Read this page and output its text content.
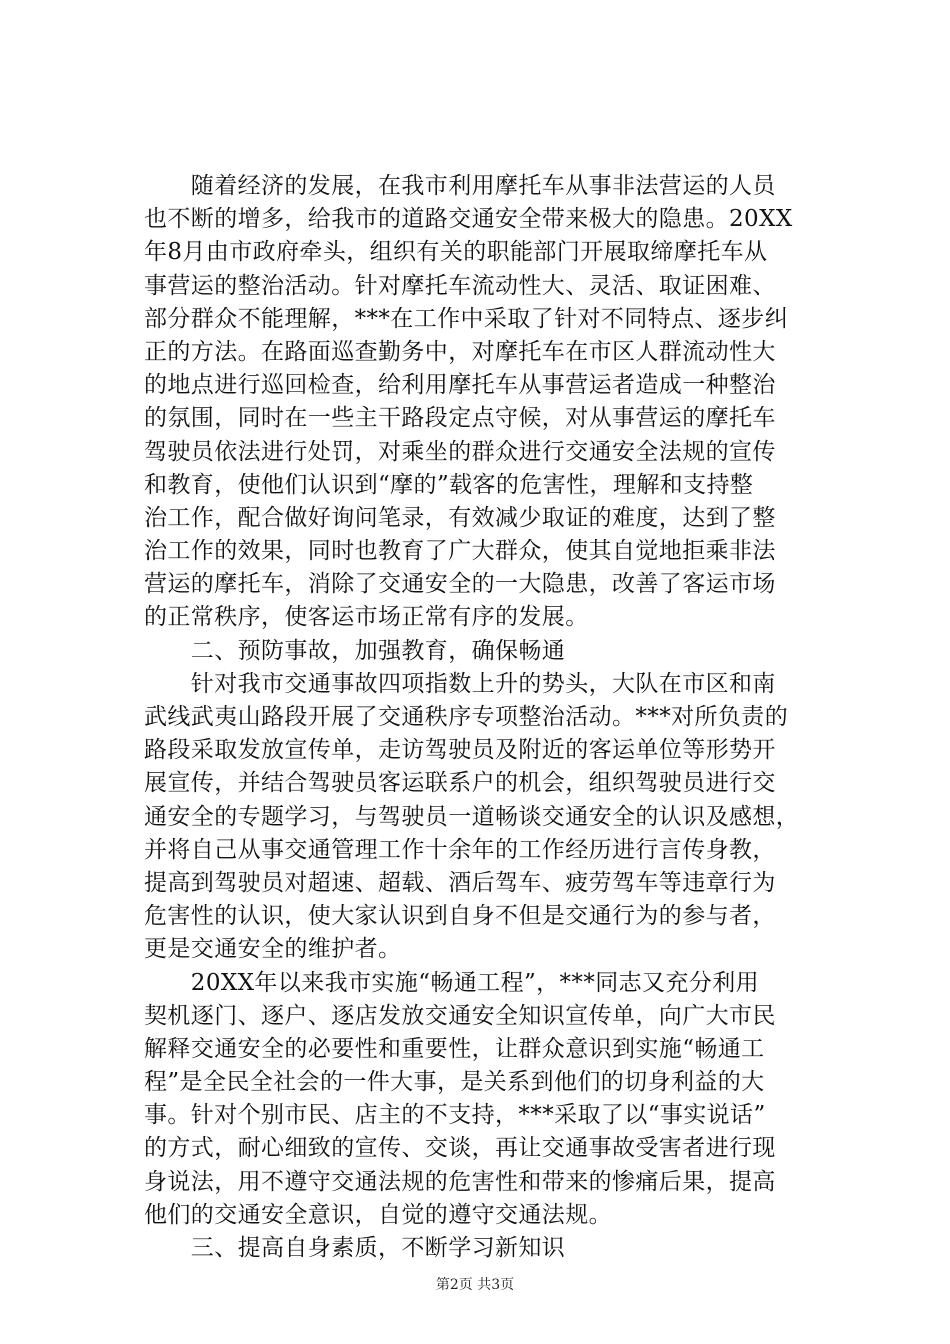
　　随着经济的发展，在我市利用摩托车从事非法营运的人员
也不断的增多，给我市的道路交通安全带来极大的隐患。20XX
年8月由市政府牵头，组织有关的职能部门开展取缔摩托车从
事营运的整治活动。针对摩托车流动性大、灵活、取证困难、
部分群众不能理解，***在工作中采取了针对不同特点、逐步纠
正的方法。在路面巡查勤务中，对摩托车在市区人群流动性大
的地点进行巡回检查，给利用摩托车从事营运者造成一种整治
的氛围，同时在一些主干路段定点守候，对从事营运的摩托车
驾驶员依法进行处罚，对乘坐的群众进行交通安全法规的宣传
和教育，使他们认识到“摩的”载客的危害性，理解和支持整
治工作，配合做好询问笔录，有效减少取证的难度，达到了整
治工作的效果，同时也教育了广大群众，使其自觉地拒乘非法
营运的摩托车，消除了交通安全的一大隐患，改善了客运市场
的正常秩序，使客运市场正常有序的发展。
　　二、预防事故，加强教育，确保畅通
　　针对我市交通事故四项指数上升的势头，大队在市区和南
武线武夷山路段开展了交通秩序专项整治活动。***对所负责的
路段采取发放宣传单，走访驾驶员及附近的客运单位等形势开
展宣传，并结合驾驶员客运联系户的机会，组织驾驶员进行交
通安全的专题学习，与驾驶员一道畅谈交通安全的认识及感想，
并将自己从事交通管理工作十余年的工作经历进行言传身教，
提高到驾驶员对超速、超载、酒后驾车、疲劳驾车等违章行为
危害性的认识，使大家认识到自身不但是交通行为的参与者，
更是交通安全的维护者。
　　20XX年以来我市实施“畅通工程”，***同志又充分利用
契机逐门、逐户、逐店发放交通安全知识宣传单，向广大市民
解释交通安全的必要性和重要性，让群众意识到实施“畅通工
程”是全民全社会的一件大事，是关系到他们的切身利益的大
事。针对个别市民、店主的不支持，***采取了以“事实说话”
的方式，耐心细致的宣传、交谈，再让交通事故受害者进行现
身说法，用不遵守交通法规的危害性和带来的惨痛后果，提高
他们的交通安全意识，自觉的遵守交通法规。
　　三、提高自身素质，不断学习新知识
第2页 共3页
